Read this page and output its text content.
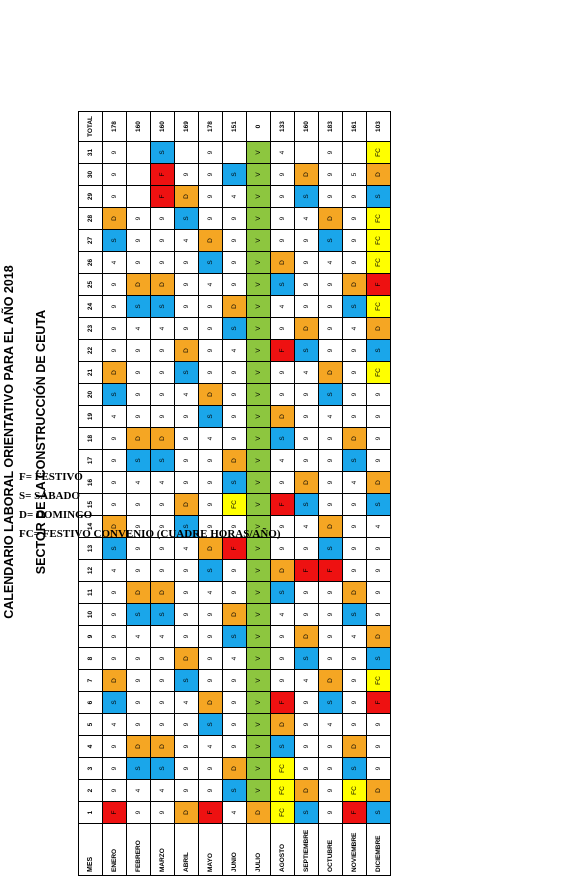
CALENDARIO LABORAL ORIENTATIVO PARA EL AÑO 2018 SECTOR DE LA CONSTRUCCIÓN DE CEUTA
MES	1	2	3	4	5	6	7	8	9	10	11	12	13	14	15	16	17	18	19	20	21	22	23	24	25	26	27	28	29	30	31	TOTAL
ENERO	F	9	9	9	4	S	D	9	9	9	9	4	S	D	9	9	9	9	4	S	D	9	9	9	9	4	S	D	9	9	9	178
FEBRERO	9	4	S	D	9	9	9	9	4	S	D	9	9	9	9	4	S	D	9	9	9	9	4	S	D	9	9	9				160
MARZO	9	4	S	D	9	9	9	9	4	S	D	9	9	9	9	4	S	D	9	9	9	9	4	S	D	9	9	9	F	F	S	160
ABRIL	D	9	9	9	9	4	S	D	9	9	9	9	4	S	D	9	9	9	9	4	S	D	9	9	9	9	4	S	D	9		169
MAYO	F	9	9	4	S	D	9	9	9	9	4	S	D	9	9	9	9	4	S	D	9	9	9	9	4	S	D	9	9	9	9	178
JUNIO	4	S	D	9	9	9	9	4	S	D	9	9	F	9	FC	S	D	9	9	9	9	4	S	D	9	9	9	9	4	S		151
JULIO	D	V	V	V	V	V	V	V	V	V	V	V	V	V	V	V	V	V	V	V	V	V	V	V	V	V	V	V	V	V	V	0
AGOSTO	FC	FC	FC	S	D	F	9	9	9	4	S	D	9	9	F	9	4	S	D	9	9	F	9	4	S	D	9	9	9	9	4	133
SEPTIEMBRE	S	D	9	9	9	9	4	S	D	9	9	F	9	4	S	D	9	9	9	9	4	S	D	9	9	9	9	4	S	D		160
OCTUBRE	9	9	9	9	4	S	D	9	9	9	9	F	S	D	9	9	9	9	4	S	D	9	9	9	9	4	S	D	9	9	9	183
NOVIEMBRE	F	FC	S	D	9	9	9	9	4	S	D	9	9	9	9	4	S	D	9	9	9	9	4	S	D	9	9	9	9	5		161
DICIEMBRE	S	D	9	9	9	F	FC	S	D	9	9	9	9	4	S	D	9	9	9	9	FC	S	D	FC	F	FC	FC	FC	S	D	FC	103
F= FESTIVO
S= SÁBADO
D= DOMINGO
FC= FESTIVO CONVENIO (CUADRE HORAS/AÑO)
